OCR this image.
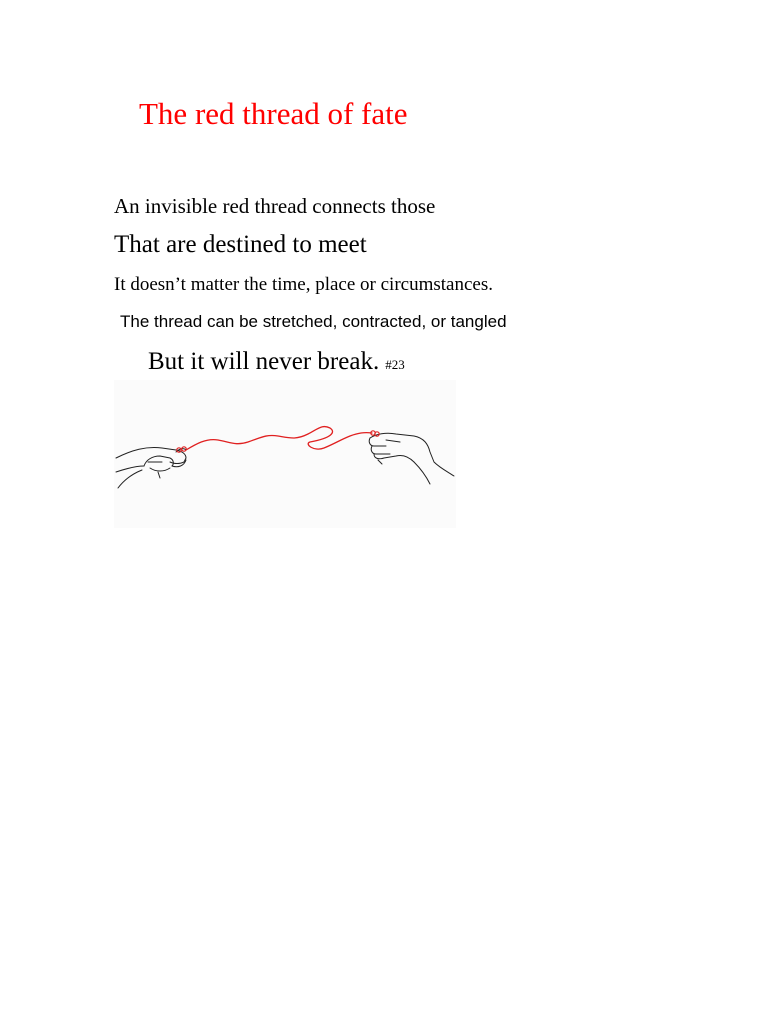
The red thread of fate
An invisible red thread connects those
That are destined to meet
It doesn’t matter the time, place or circumstances.
The thread can be stretched, contracted, or tangled
But it will never break. #23
